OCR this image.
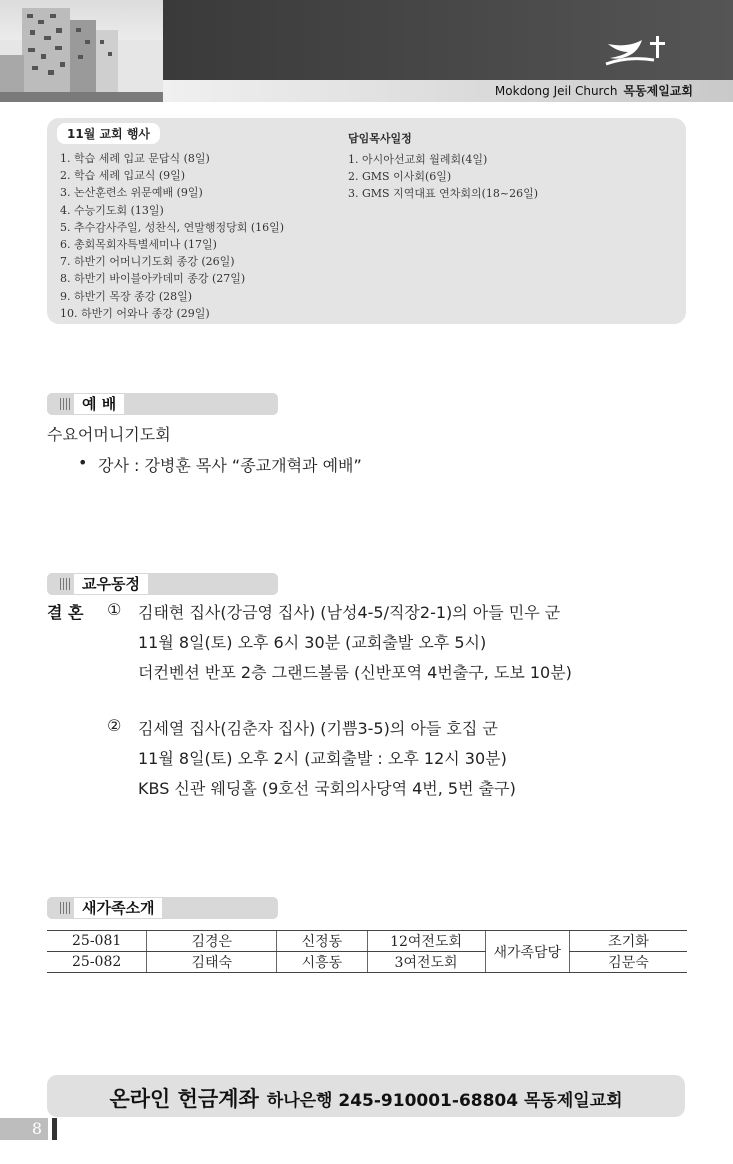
Mokdong Jeil Church 목동제일교회
11월 교회 행사
1. 학습 세례 입교 문답식 (8일)
2. 학습 세례 입교식 (9일)
3. 논산훈련소 위문예배 (9일)
4. 수능기도회 (13일)
5. 추수감사주일, 성찬식, 연말행정당회 (16일)
6. 총회목회자특별세미나 (17일)
7. 하반기 어머니기도회 종강 (26일)
8. 하반기 바이블아카데미 종강 (27일)
9. 하반기 목장 종강 (28일)
10. 하반기 어와나 종강 (29일)
담임목사일정
1. 아시아선교회 월례회(4일)
2. GMS 이사회(6일)
3. GMS 지역대표 연차회의(18~26일)
예 배
수요어머니기도회
• 강사 : 강병훈 목사 “종교개혁과 예배”
교우동정
결 혼 ① 김태현 집사(강금영 집사) (남성4-5/직장2-1)의 아들 민우 군
11월 8일(토) 오후 6시 30분 (교회출발 오후 5시)
더컨벤션 반포 2층 그랜드볼룸 (신반포역 4번출구, 도보 10분)
② 김세열 집사(김춘자 집사) (기쁨3-5)의 아들 호집 군
11월 8일(토) 오후 2시 (교회출발 : 오후 12시 30분)
KBS 신관 웨딩홀 (9호선 국회의사당역 4번, 5번 출구)
새가족소개
25-081	김경은	신정동	12여전도회	새가족담당	조기화
25-082	김태숙	시흥동	3여전도회		김문숙
온라인 헌금계좌 하나은행 245-910001-68804 목동제일교회
8
